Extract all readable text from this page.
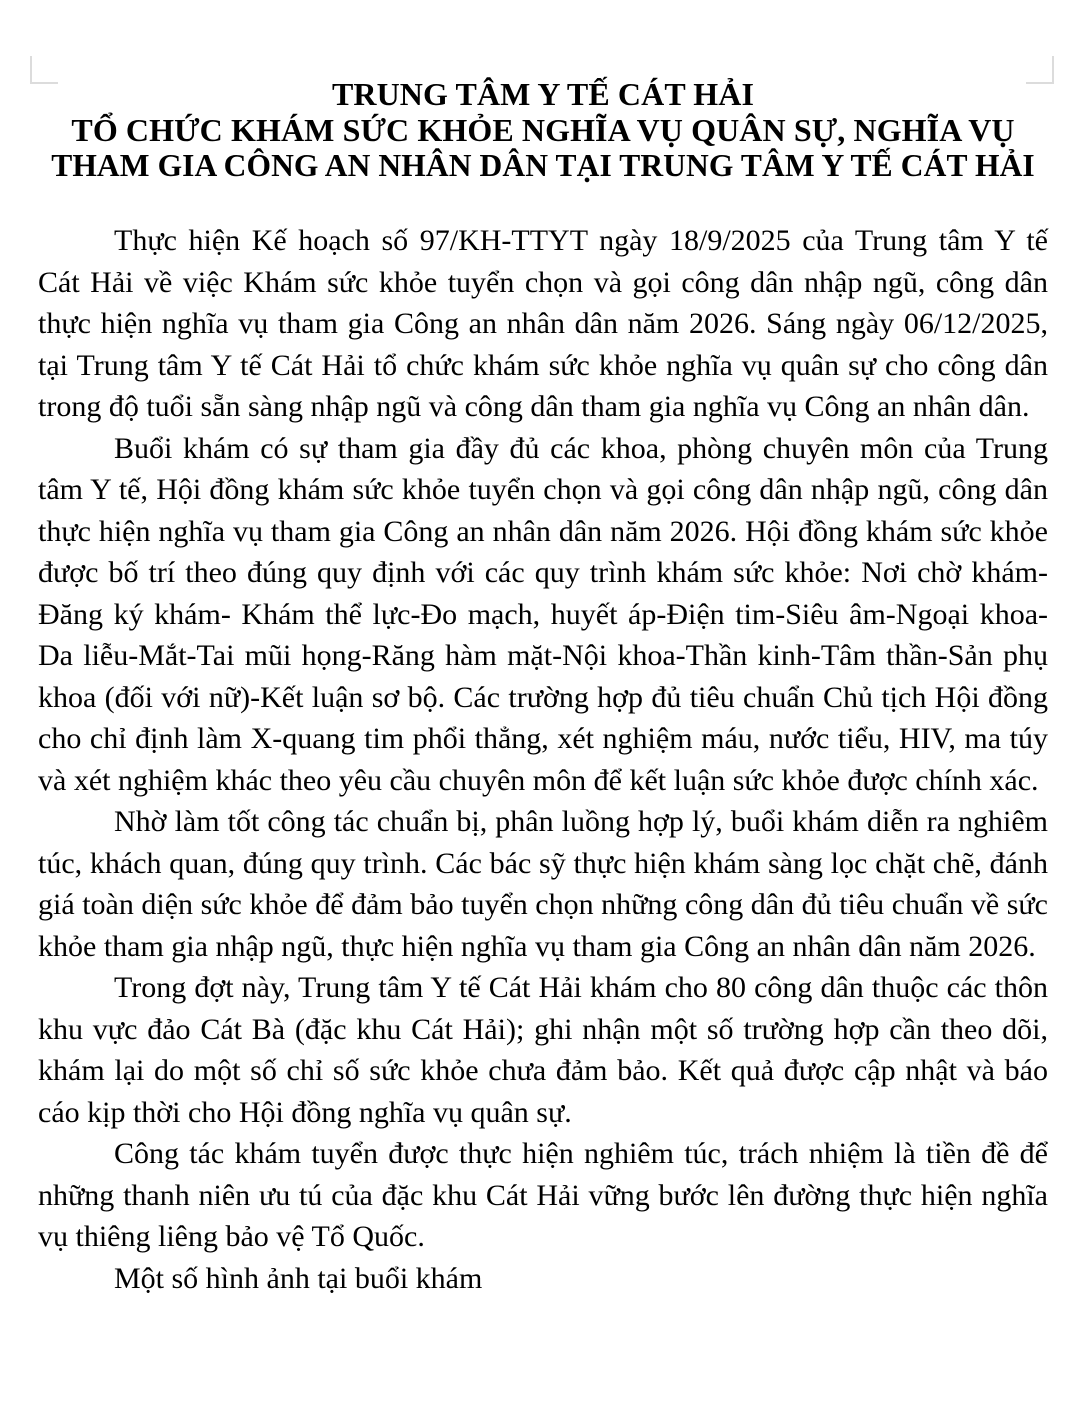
TRUNG TÂM Y TẾ CÁT HẢI
TỔ CHỨC KHÁM SỨC KHỎE NGHĨA VỤ QUÂN SỰ, NGHĨA VỤ
THAM GIA CÔNG AN NHÂN DÂN TẠI TRUNG TÂM Y TẾ CÁT HẢI

Thực hiện Kế hoạch số 97/KH-TTYT ngày 18/9/2025 của Trung tâm Y tế Cát Hải về việc Khám sức khỏe tuyển chọn và gọi công dân nhập ngũ, công dân thực hiện nghĩa vụ tham gia Công an nhân dân năm 2026. Sáng ngày 06/12/2025, tại Trung tâm Y tế Cát Hải tổ chức khám sức khỏe nghĩa vụ quân sự cho công dân trong độ tuổi sẵn sàng nhập ngũ và công dân tham gia nghĩa vụ Công an nhân dân.

Buổi khám có sự tham gia đầy đủ các khoa, phòng chuyên môn của Trung tâm Y tế, Hội đồng khám sức khỏe tuyển chọn và gọi công dân nhập ngũ, công dân thực hiện nghĩa vụ tham gia Công an nhân dân năm 2026. Hội đồng khám sức khỏe được bố trí theo đúng quy định với các quy trình khám sức khỏe: Nơi chờ khám-Đăng ký khám- Khám thể lực-Đo mạch, huyết áp-Điện tim-Siêu âm-Ngoại khoa-Da liễu-Mắt-Tai mũi họng-Răng hàm mặt-Nội khoa-Thần kinh-Tâm thần-Sản phụ khoa (đối với nữ)-Kết luận sơ bộ. Các trường hợp đủ tiêu chuẩn Chủ tịch Hội đồng cho chỉ định làm X-quang tim phổi thẳng, xét nghiệm máu, nước tiểu, HIV, ma túy và xét nghiệm khác theo yêu cầu chuyên môn để kết luận sức khỏe được chính xác.

Nhờ làm tốt công tác chuẩn bị, phân luồng hợp lý, buổi khám diễn ra nghiêm túc, khách quan, đúng quy trình. Các bác sỹ thực hiện khám sàng lọc chặt chẽ, đánh giá toàn diện sức khỏe để đảm bảo tuyển chọn những công dân đủ tiêu chuẩn về sức khỏe tham gia nhập ngũ, thực hiện nghĩa vụ tham gia Công an nhân dân năm 2026.

Trong đợt này, Trung tâm Y tế Cát Hải khám cho 80 công dân thuộc các thôn khu vực đảo Cát Bà (đặc khu Cát Hải); ghi nhận một số trường hợp cần theo dõi, khám lại do một số chỉ số sức khỏe chưa đảm bảo. Kết quả được cập nhật và báo cáo kịp thời cho Hội đồng nghĩa vụ quân sự.

Công tác khám tuyển được thực hiện nghiêm túc, trách nhiệm là tiền đề để những thanh niên ưu tú của đặc khu Cát Hải vững bước lên đường thực hiện nghĩa vụ thiêng liêng bảo vệ Tổ Quốc.

Một số hình ảnh tại buổi khám
